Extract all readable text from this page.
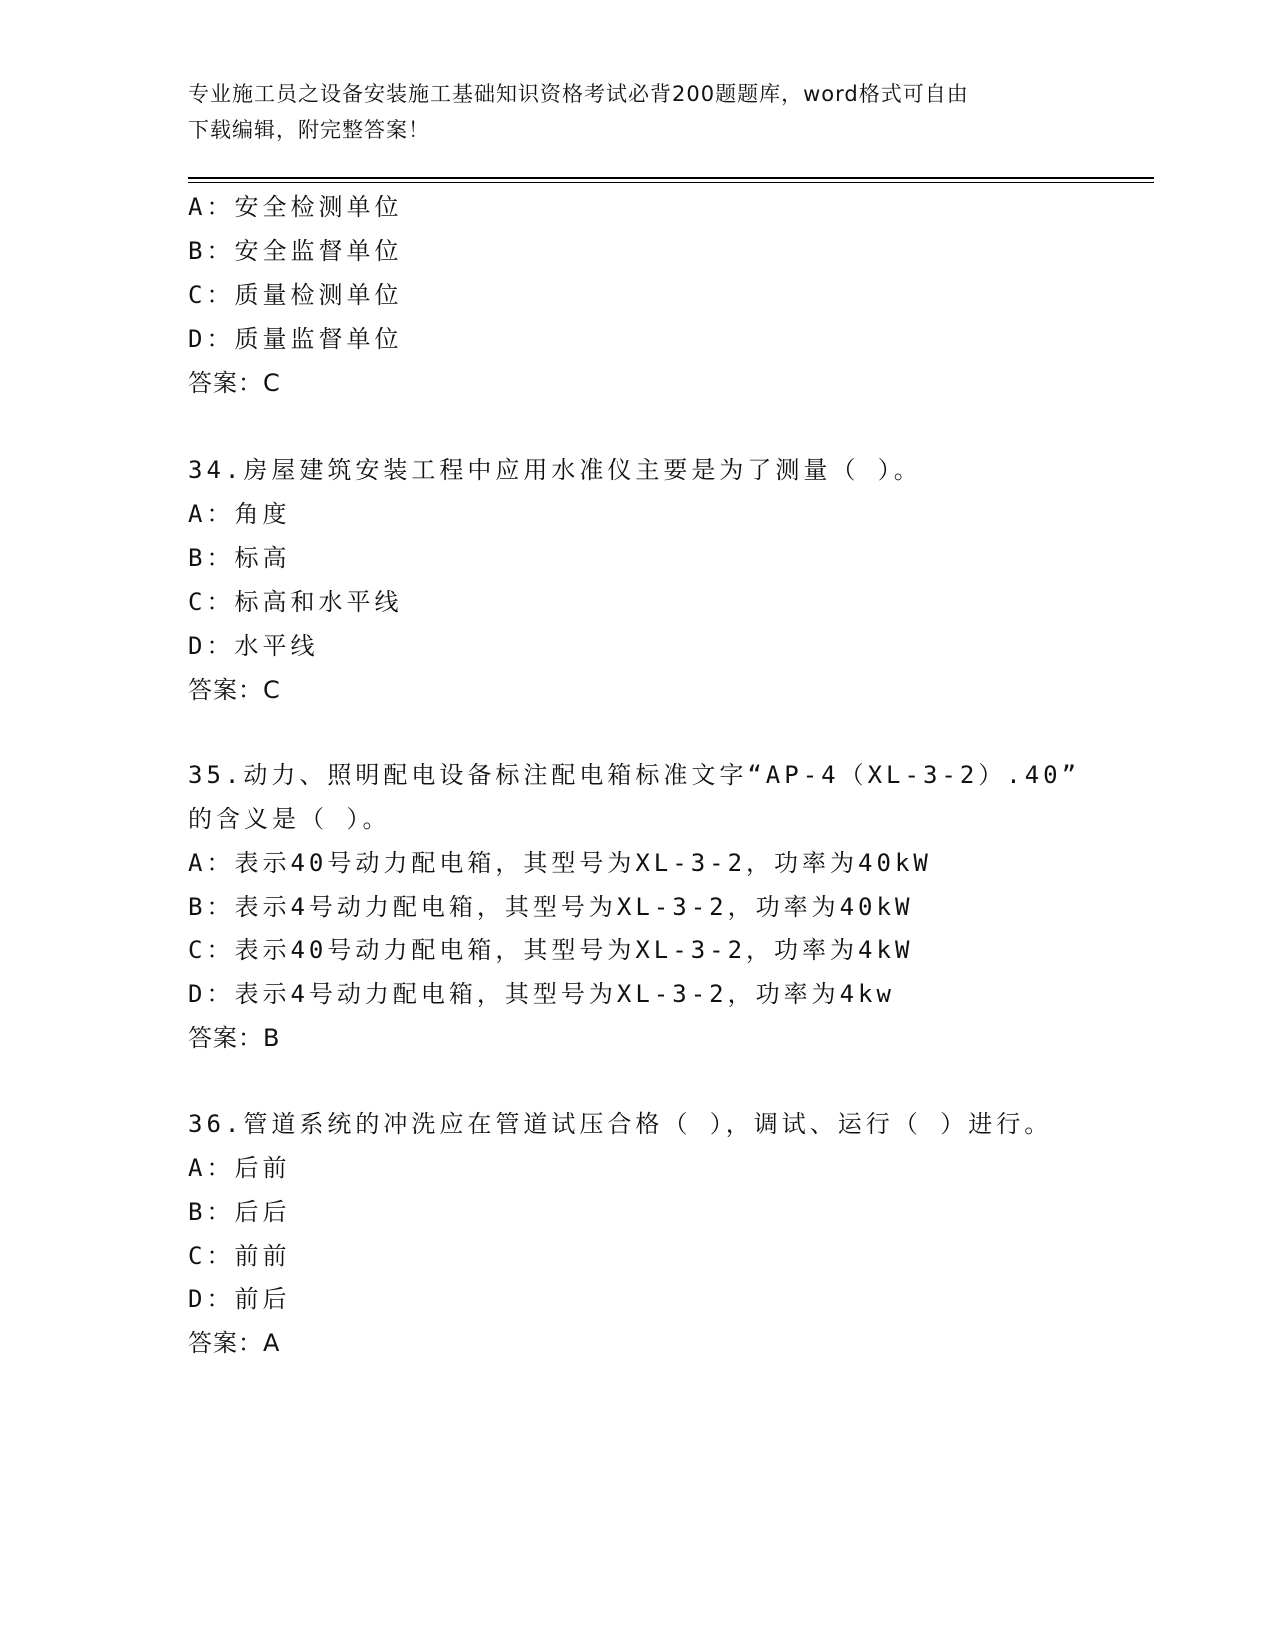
专业施工员之设备安装施工基础知识资格考试必背200题题库，word格式可自由
下载编辑，附完整答案！
A：安全检测单位
B：安全监督单位
C：质量检测单位
D：质量监督单位
答案：C
34.房屋建筑安装工程中应用水准仪主要是为了测量（ ）。
A：角度
B：标高
C：标高和水平线
D：水平线
答案：C
35.动力、照明配电设备标注配电箱标准文字“AP-4（XL-3-2）.40”
的含义是（ ）。
A：表示40号动力配电箱，其型号为XL-3-2，功率为40kW
B：表示4号动力配电箱，其型号为XL-3-2，功率为40kW
C：表示40号动力配电箱，其型号为XL-3-2，功率为4kW
D：表示4号动力配电箱，其型号为XL-3-2，功率为4kw
答案：B
36.管道系统的冲洗应在管道试压合格（ ），调试、运行（ ）进行。
A：后前
B：后后
C：前前
D：前后
答案：A
